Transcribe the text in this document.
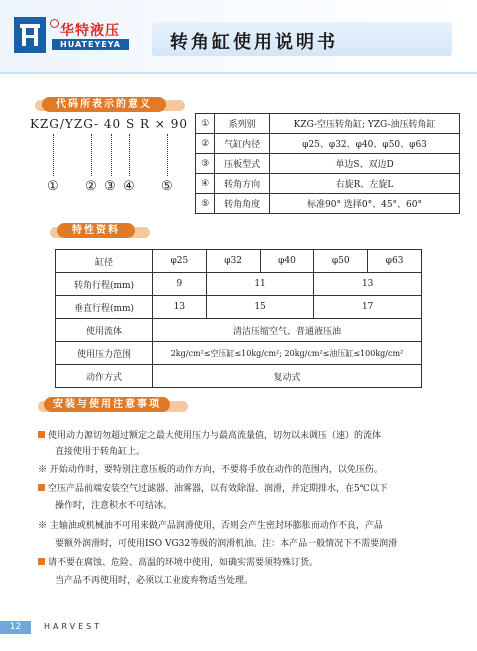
华特液压
HUATEYEYA	转角缸使用说明书
代码所表示的意义
KZG/YZG- 40 S R × 90
① ② ③ ④ ⑤
①	系列别	KZG-空压转角缸; YZG-油压转角缸
②	气缸内径	φ25、φ32、φ40、φ50、φ63
③	压板型式	单边S、双边D
④	转角方向	右旋R、左旋L
⑤	转角角度	标准90° 选择0°、45°、60°
特性资料
缸径	φ25	φ32	φ40	φ50	φ63
转角行程(mm)	9	11		13	
垂直行程(mm)	13	15		17	
使用流体	清洁压缩空气、普通液压油				
使用压力范围	2kg/cm²≤空压缸≤10kg/cm²; 20kg/cm²≤油压缸≤100kg/cm²				
动作方式	复动式				
安装与使用注意事项
使用动力源切勿超过额定之最大使用压力与最高流量值，切勿以未调压（速）的流体
直接使用于转角缸上。
※ 开始动作时，要特别注意压板的动作方向，不要将手放在动作的范围内，以免压伤。
空压产品前端安装空气过滤器、油雾器，以有效除湿、润滑，并定期排水，在5℃以下
操作时，注意积水不可结冰。
※ 主轴油或机械油不可用来做产品润滑使用，否则会产生密封环膨胀而动作不良，产品
要额外润滑时，可使用ISO VG32等级的润滑机油。注：本产品一般情况下不需要润滑
请不要在腐蚀、危险、高温的环境中使用，如确实需要须特殊订货。
当产品不再使用时，必须以工业废弃物适当处理。
12	HARVEST
